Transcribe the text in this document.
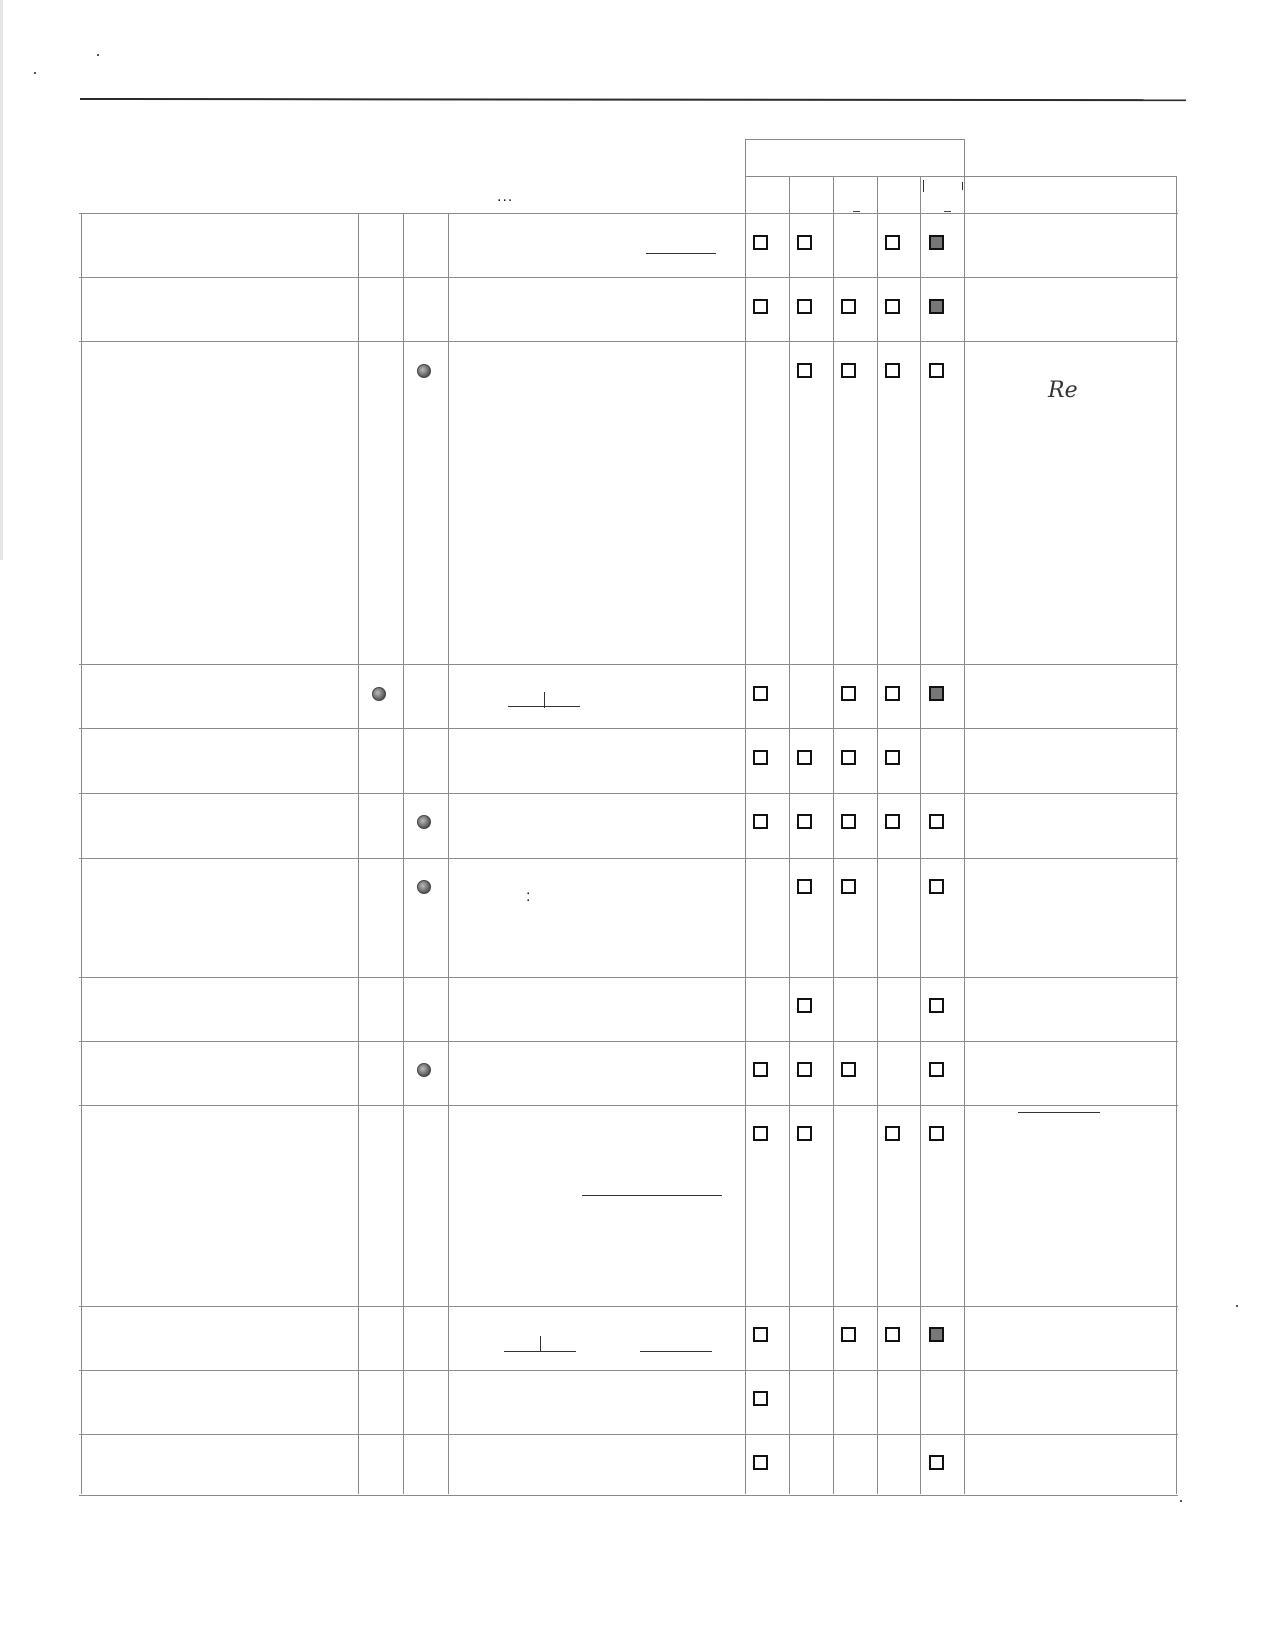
...
Re
:
